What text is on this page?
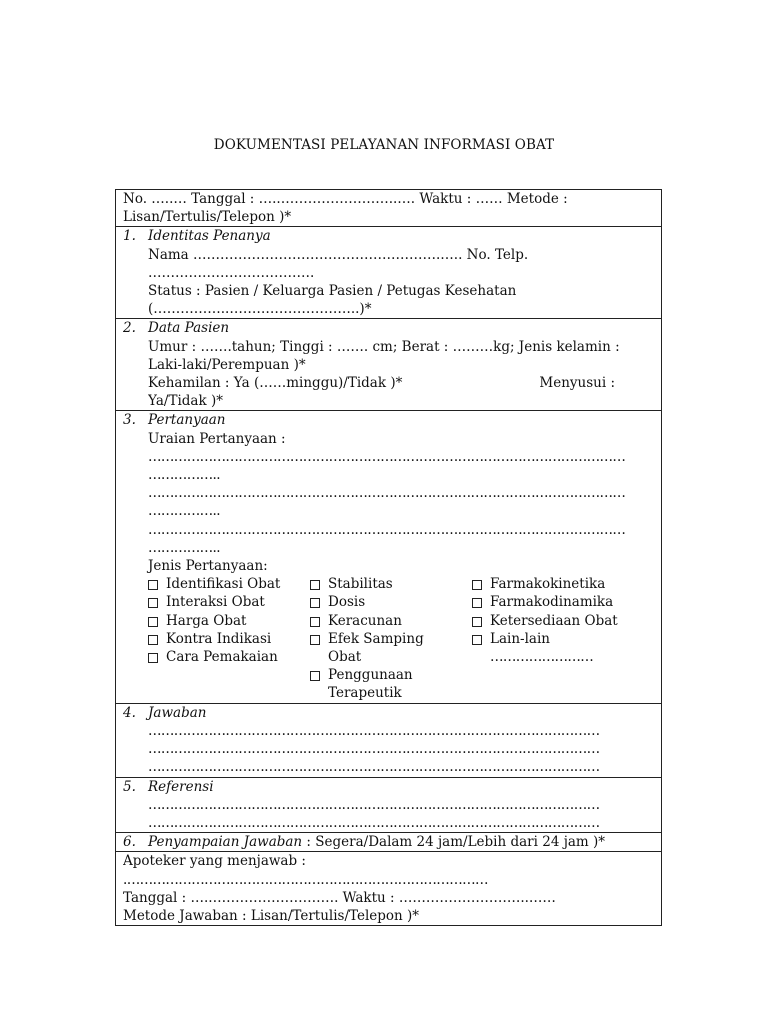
DOKUMENTASI PELAYANAN INFORMASI OBAT
No. …..… Tanggal : …..……………………..…. Waktu : …… Metode :
Lisan/Tertulis/Telepon )*
1. Identitas Penanya
Nama ……………………………………………….….. No. Telp.
……………………………….
Status : Pasien / Keluarga Pasien / Petugas Kesehatan
(……………..………………………..)*
2. Data Pasien
Umur : …….tahun; Tinggi : ……. cm; Berat : ………kg; Jenis kelamin :
Laki-laki/Perempuan )*
Kehamilan : Ya (……minggu)/Tidak )*	Menyusui :
Ya/Tidak )*
3. Pertanyaan
Uraian Pertanyaan :
…………………………………………………………………………………………………
……………..
…………………………………………………………………………………………………
……………..
…………………………………………………………………………………………………
……………..
Jenis Pertanyaan:
Identifikasi Obat
Interaksi Obat
Harga Obat
Kontra Indikasi
Cara Pemakaian
Stabilitas
Dosis
Keracunan
Efek Samping Obat
Penggunaan Terapeutik
Farmakokinetika
Farmakodinamika
Ketersediaan Obat
Lain-lain
……………………
4. Jawaban
……………………………………………………………………………………………
……………………………………………………………………………………………
……………………………………………………………………………………………
5. Referensi
……………………………………………………………………………………………
……………………………………………………………………………………………
6. Penyampaian Jawaban : Segera/Dalam 24 jam/Lebih dari 24 jam )*
Apoteker yang menjawab :
.…………………………………………………………………………
Tanggal : …..………………………. Waktu : ………………………..……
Metode Jawaban : Lisan/Tertulis/Telepon )*
